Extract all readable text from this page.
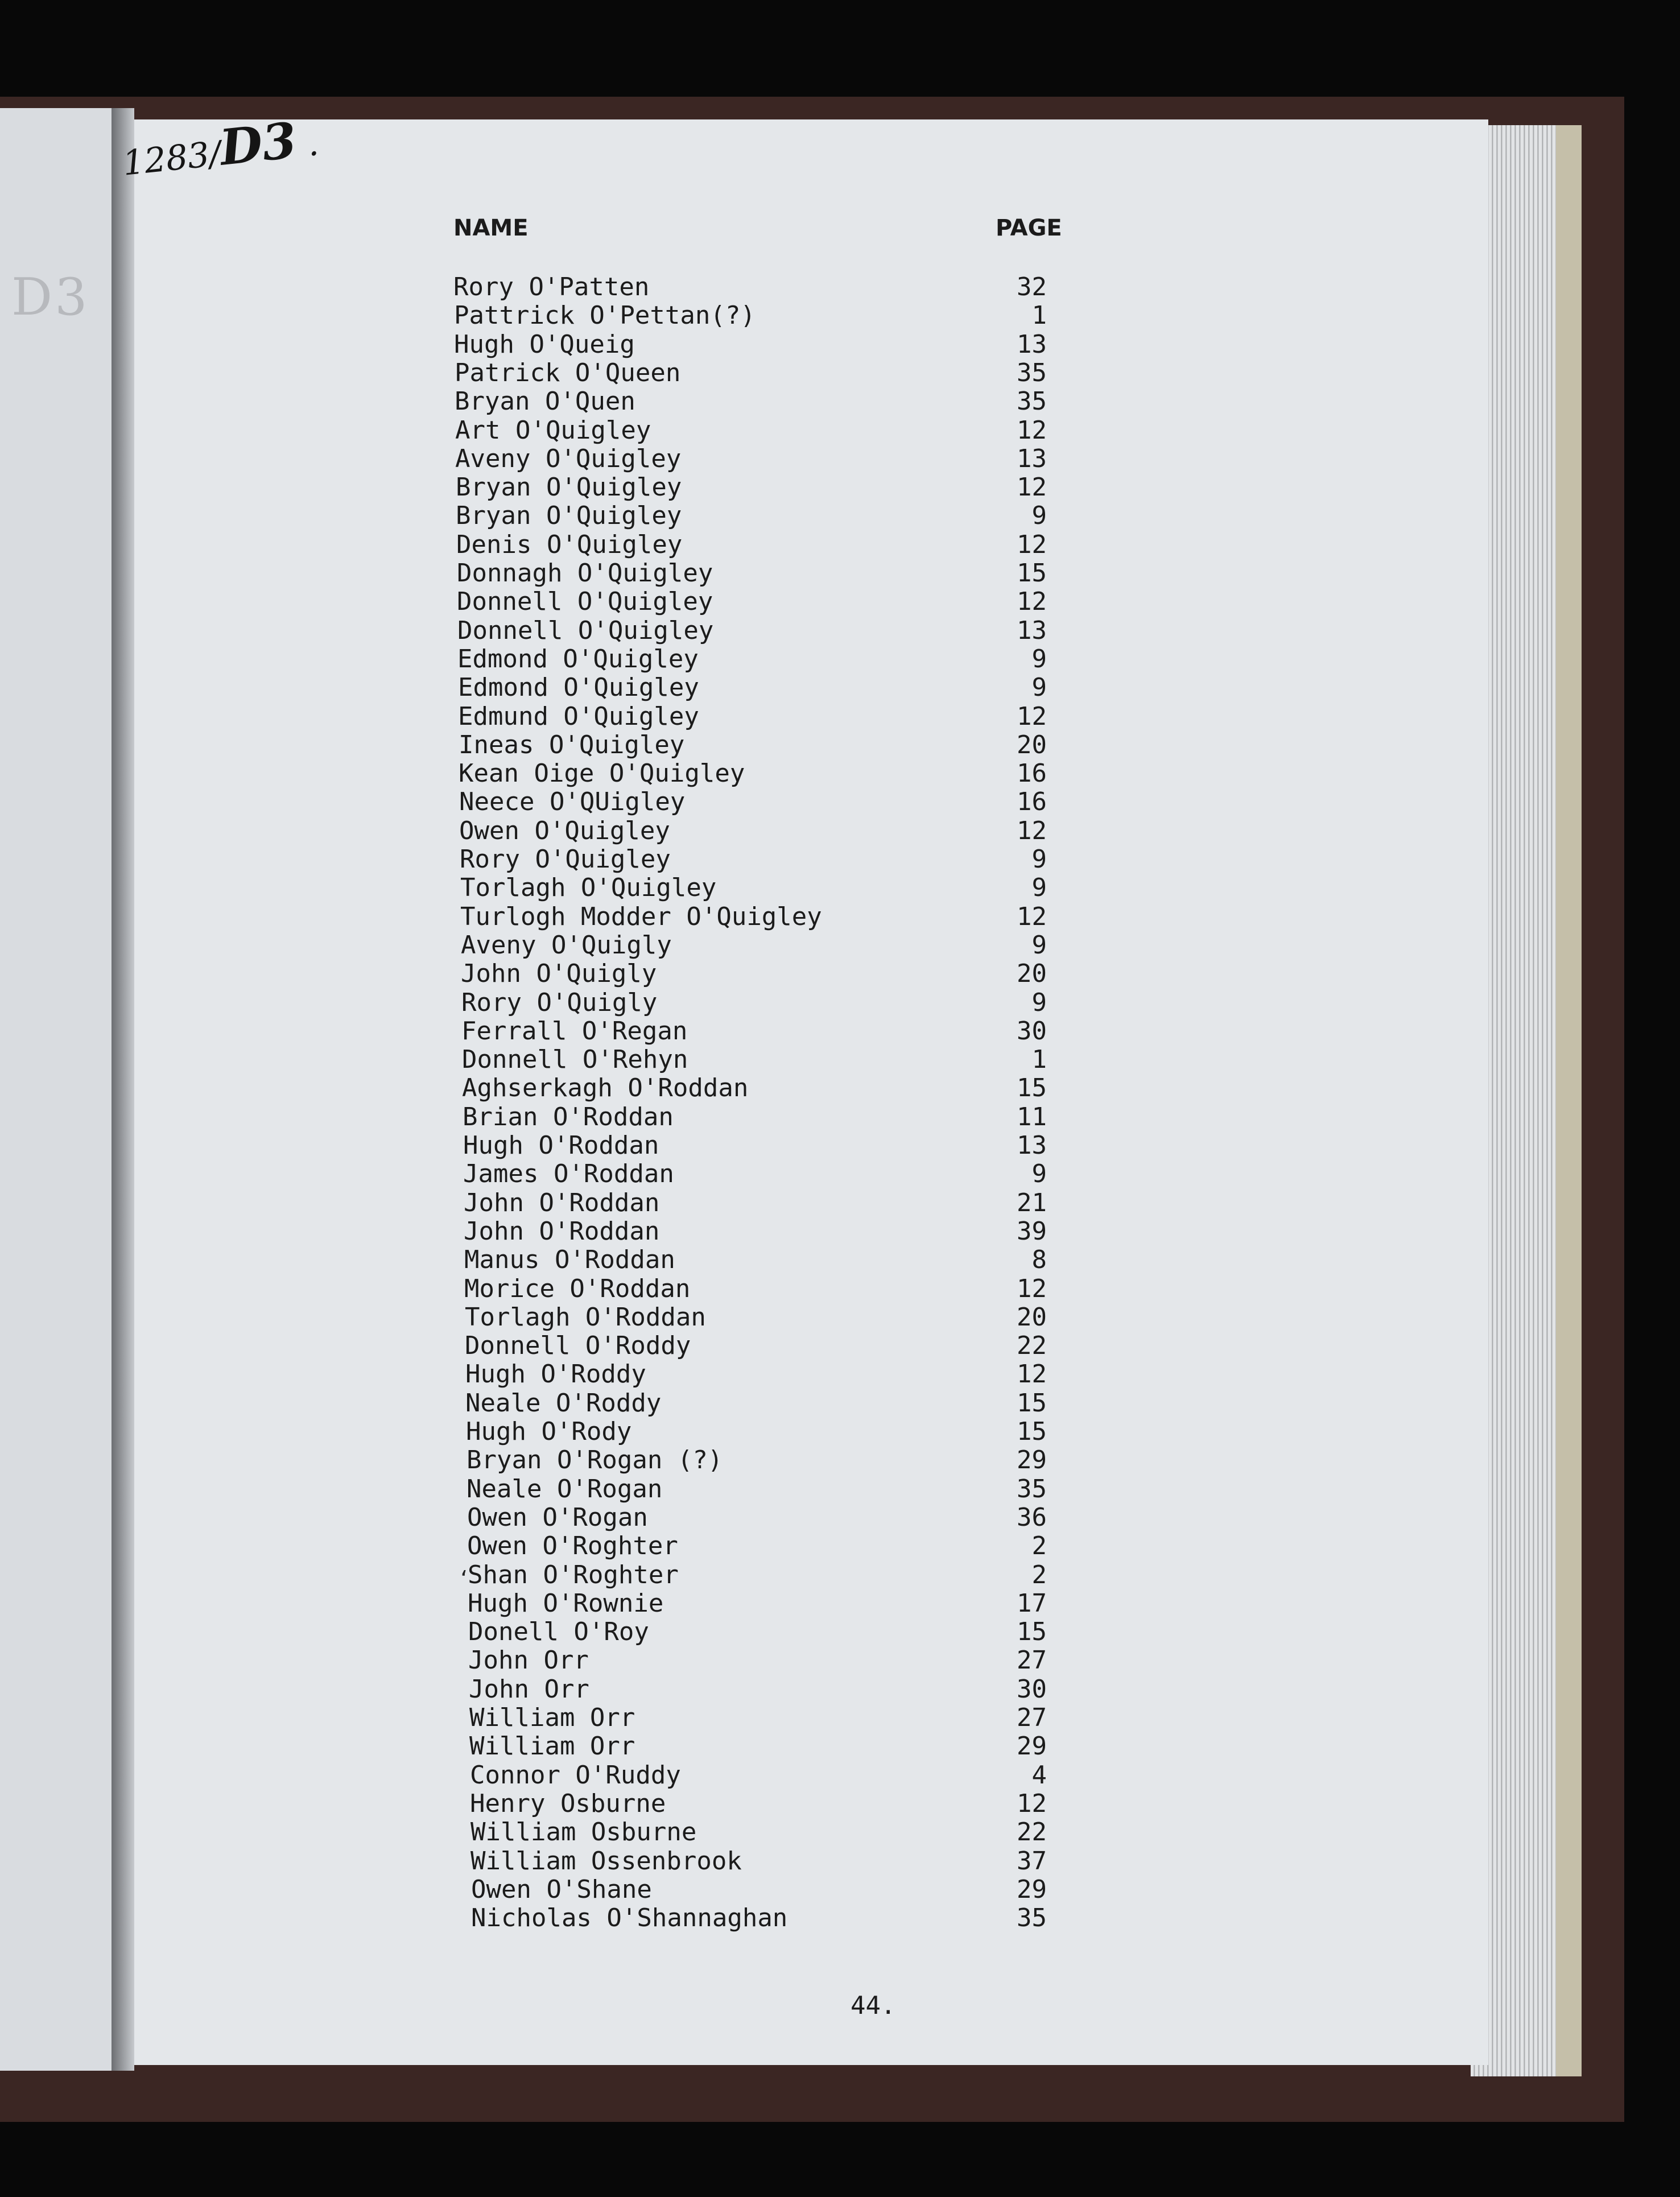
D3
1283/D3 .
NAME	PAGE
Rory O'Patten	32
Pattrick O'Pettan(?)	1
Hugh O'Queig	13
Patrick O'Queen	35
Bryan O'Quen	35
Art O'Quigley	12
Aveny O'Quigley	13
Bryan O'Quigley	12
Bryan O'Quigley	9
Denis O'Quigley	12
Donnagh O'Quigley	15
Donnell O'Quigley	12
Donnell O'Quigley	13
Edmond O'Quigley	9
Edmond O'Quigley	9
Edmund O'Quigley	12
Ineas O'Quigley	20
Kean Oige O'Quigley	16
Neece O'QUigley	16
Owen O'Quigley	12
Rory O'Quigley	9
Torlagh O'Quigley	9
Turlogh Modder O'Quigley	12
Aveny O'Quigly	9
John O'Quigly	20
Rory O'Quigly	9
Ferrall O'Regan	30
Donnell O'Rehyn	1
Aghserkagh O'Roddan	15
Brian O'Roddan	11
Hugh O'Roddan	13
James O'Roddan	9
John O'Roddan	21
John O'Roddan	39
Manus O'Roddan	8
Morice O'Roddan	12
Torlagh O'Roddan	20
Donnell O'Roddy	22
Hugh O'Roddy	12
Neale O'Roddy	15
Hugh O'Rody	15
Bryan O'Rogan (?)	29
Neale O'Rogan	35
Owen O'Rogan	36
Owen O'Roghter	2
Shan O'Roghter	2
Hugh O'Rownie	17
Donell O'Roy	15
John Orr	27
John Orr	30
William Orr	27
William Orr	29
Connor O'Ruddy	4
Henry Osburne	12
William Osburne	22
William Ossenbrook	37
Owen O'Shane	29
Nicholas O'Shannaghan	35
‘
44.
